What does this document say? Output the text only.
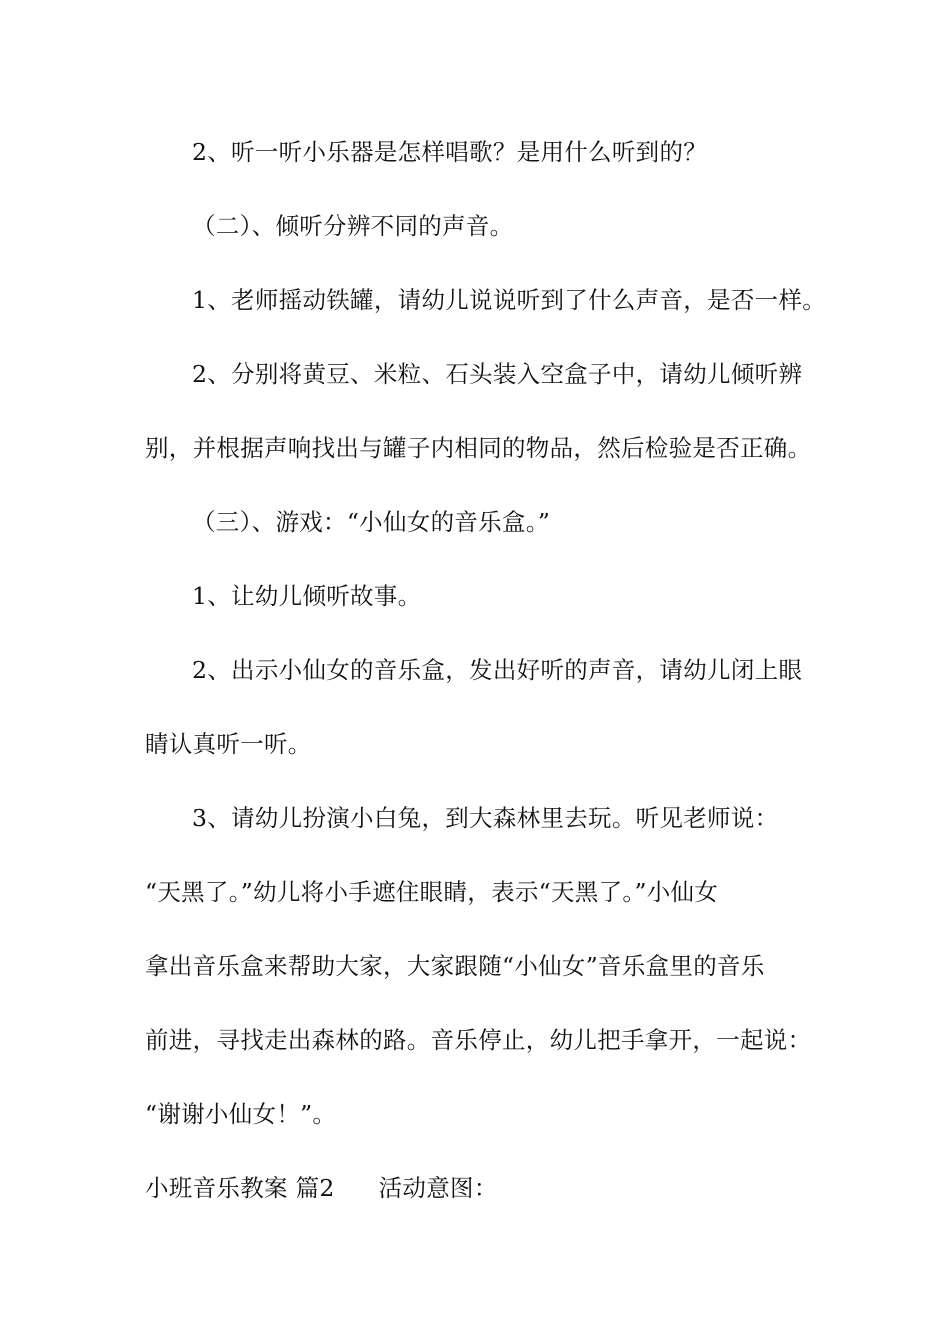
2、听一听小乐器是怎样唱歌？是用什么听到的？
（二）、倾听分辨不同的声音。
1、老师摇动铁罐，请幼儿说说听到了什么声音，是否一样。
2、分别将黄豆、米粒、石头装入空盒子中，请幼儿倾听辨
别，并根据声响找出与罐子内相同的物品，然后检验是否正确。
（三）、游戏：“小仙女的音乐盒。”
1、让幼儿倾听故事。
2、出示小仙女的音乐盒，发出好听的声音，请幼儿闭上眼
睛认真听一听。
3、请幼儿扮演小白兔，到大森林里去玩。听见老师说：
“天黑了。”幼儿将小手遮住眼睛，表示“天黑了。”小仙女
拿出音乐盒来帮助大家，大家跟随“小仙女”音乐盒里的音乐
前进，寻找走出森林的路。音乐停止，幼儿把手拿开，一起说：
“谢谢小仙女！”。
小班音乐教案 篇2 活动意图：
